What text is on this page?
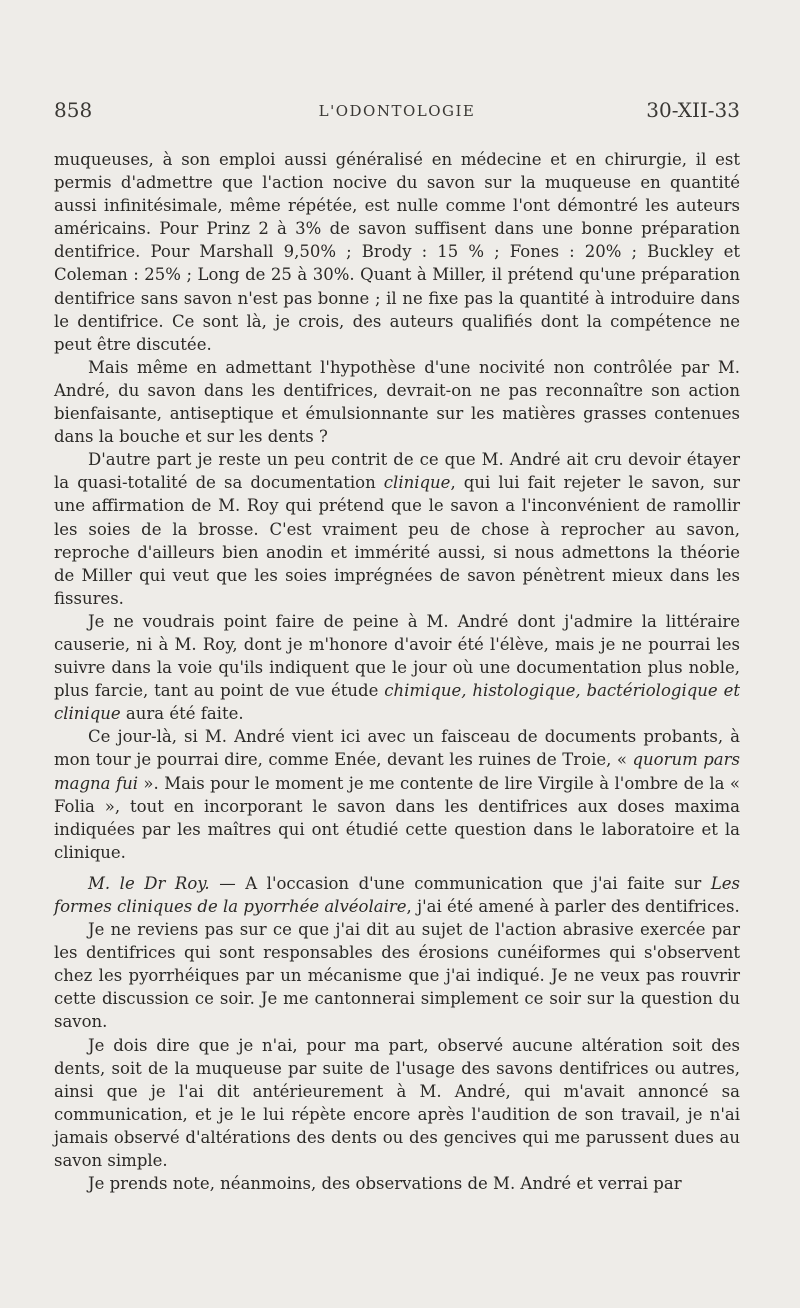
858	L'ODONTOLOGIE	30-XII-33

muqueuses, à son emploi aussi généralisé en médecine et en chirurgie, il est permis d'admettre que l'action nocive du savon sur la muqueuse en quantité aussi infinitésimale, même répétée, est nulle comme l'ont démontré les auteurs américains. Pour Prinz 2 à 3% de savon suffisent dans une bonne préparation dentifrice. Pour Marshall 9,50% ; Brody : 15 % ; Fones : 20% ; Buckley et Coleman : 25% ; Long de 25 à 30%. Quant à Miller, il prétend qu'une préparation dentifrice sans savon n'est pas bonne ; il ne fixe pas la quantité à introduire dans le dentifrice. Ce sont là, je crois, des auteurs qualifiés dont la compétence ne peut être discutée.

Mais même en admettant l'hypothèse d'une nocivité non contrôlée par M. André, du savon dans les dentifrices, devrait-on ne pas reconnaître son action bienfaisante, antiseptique et émulsionnante sur les matières grasses contenues dans la bouche et sur les dents ?

D'autre part je reste un peu contrit de ce que M. André ait cru devoir étayer la quasi-totalité de sa documentation clinique, qui lui fait rejeter le savon, sur une affirmation de M. Roy qui prétend que le savon a l'inconvénient de ramollir les soies de la brosse. C'est vraiment peu de chose à reprocher au savon, reproche d'ailleurs bien anodin et immérité aussi, si nous admettons la théorie de Miller qui veut que les soies imprégnées de savon pénètrent mieux dans les fissures.

Je ne voudrais point faire de peine à M. André dont j'admire la littéraire causerie, ni à M. Roy, dont je m'honore d'avoir été l'élève, mais je ne pourrai les suivre dans la voie qu'ils indiquent que le jour où une documentation plus noble, plus farcie, tant au point de vue étude chimique, histologique, bactériologique et clinique aura été faite.

Ce jour-là, si M. André vient ici avec un faisceau de documents probants, à mon tour je pourrai dire, comme Enée, devant les ruines de Troie, « quorum pars magna fui ». Mais pour le moment je me contente de lire Virgile à l'ombre de la « Folia », tout en incorporant le savon dans les dentifrices aux doses maxima indiquées par les maîtres qui ont étudié cette question dans le laboratoire et la clinique.

M. le Dr Roy. — A l'occasion d'une communication que j'ai faite sur Les formes cliniques de la pyorrhée alvéolaire, j'ai été amené à parler des dentifrices.

Je ne reviens pas sur ce que j'ai dit au sujet de l'action abrasive exercée par les dentifrices qui sont responsables des érosions cunéiformes qui s'observent chez les pyorrhéiques par un mécanisme que j'ai indiqué. Je ne veux pas rouvrir cette discussion ce soir. Je me cantonnerai simplement ce soir sur la question du savon.

Je dois dire que je n'ai, pour ma part, observé aucune altération soit des dents, soit de la muqueuse par suite de l'usage des savons dentifrices ou autres, ainsi que je l'ai dit antérieurement à M. André, qui m'avait annoncé sa communication, et je le lui répète encore après l'audition de son travail, je n'ai jamais observé d'altérations des dents ou des gencives qui me parussent dues au savon simple.

Je prends note, néanmoins, des observations de M. André et verrai par
